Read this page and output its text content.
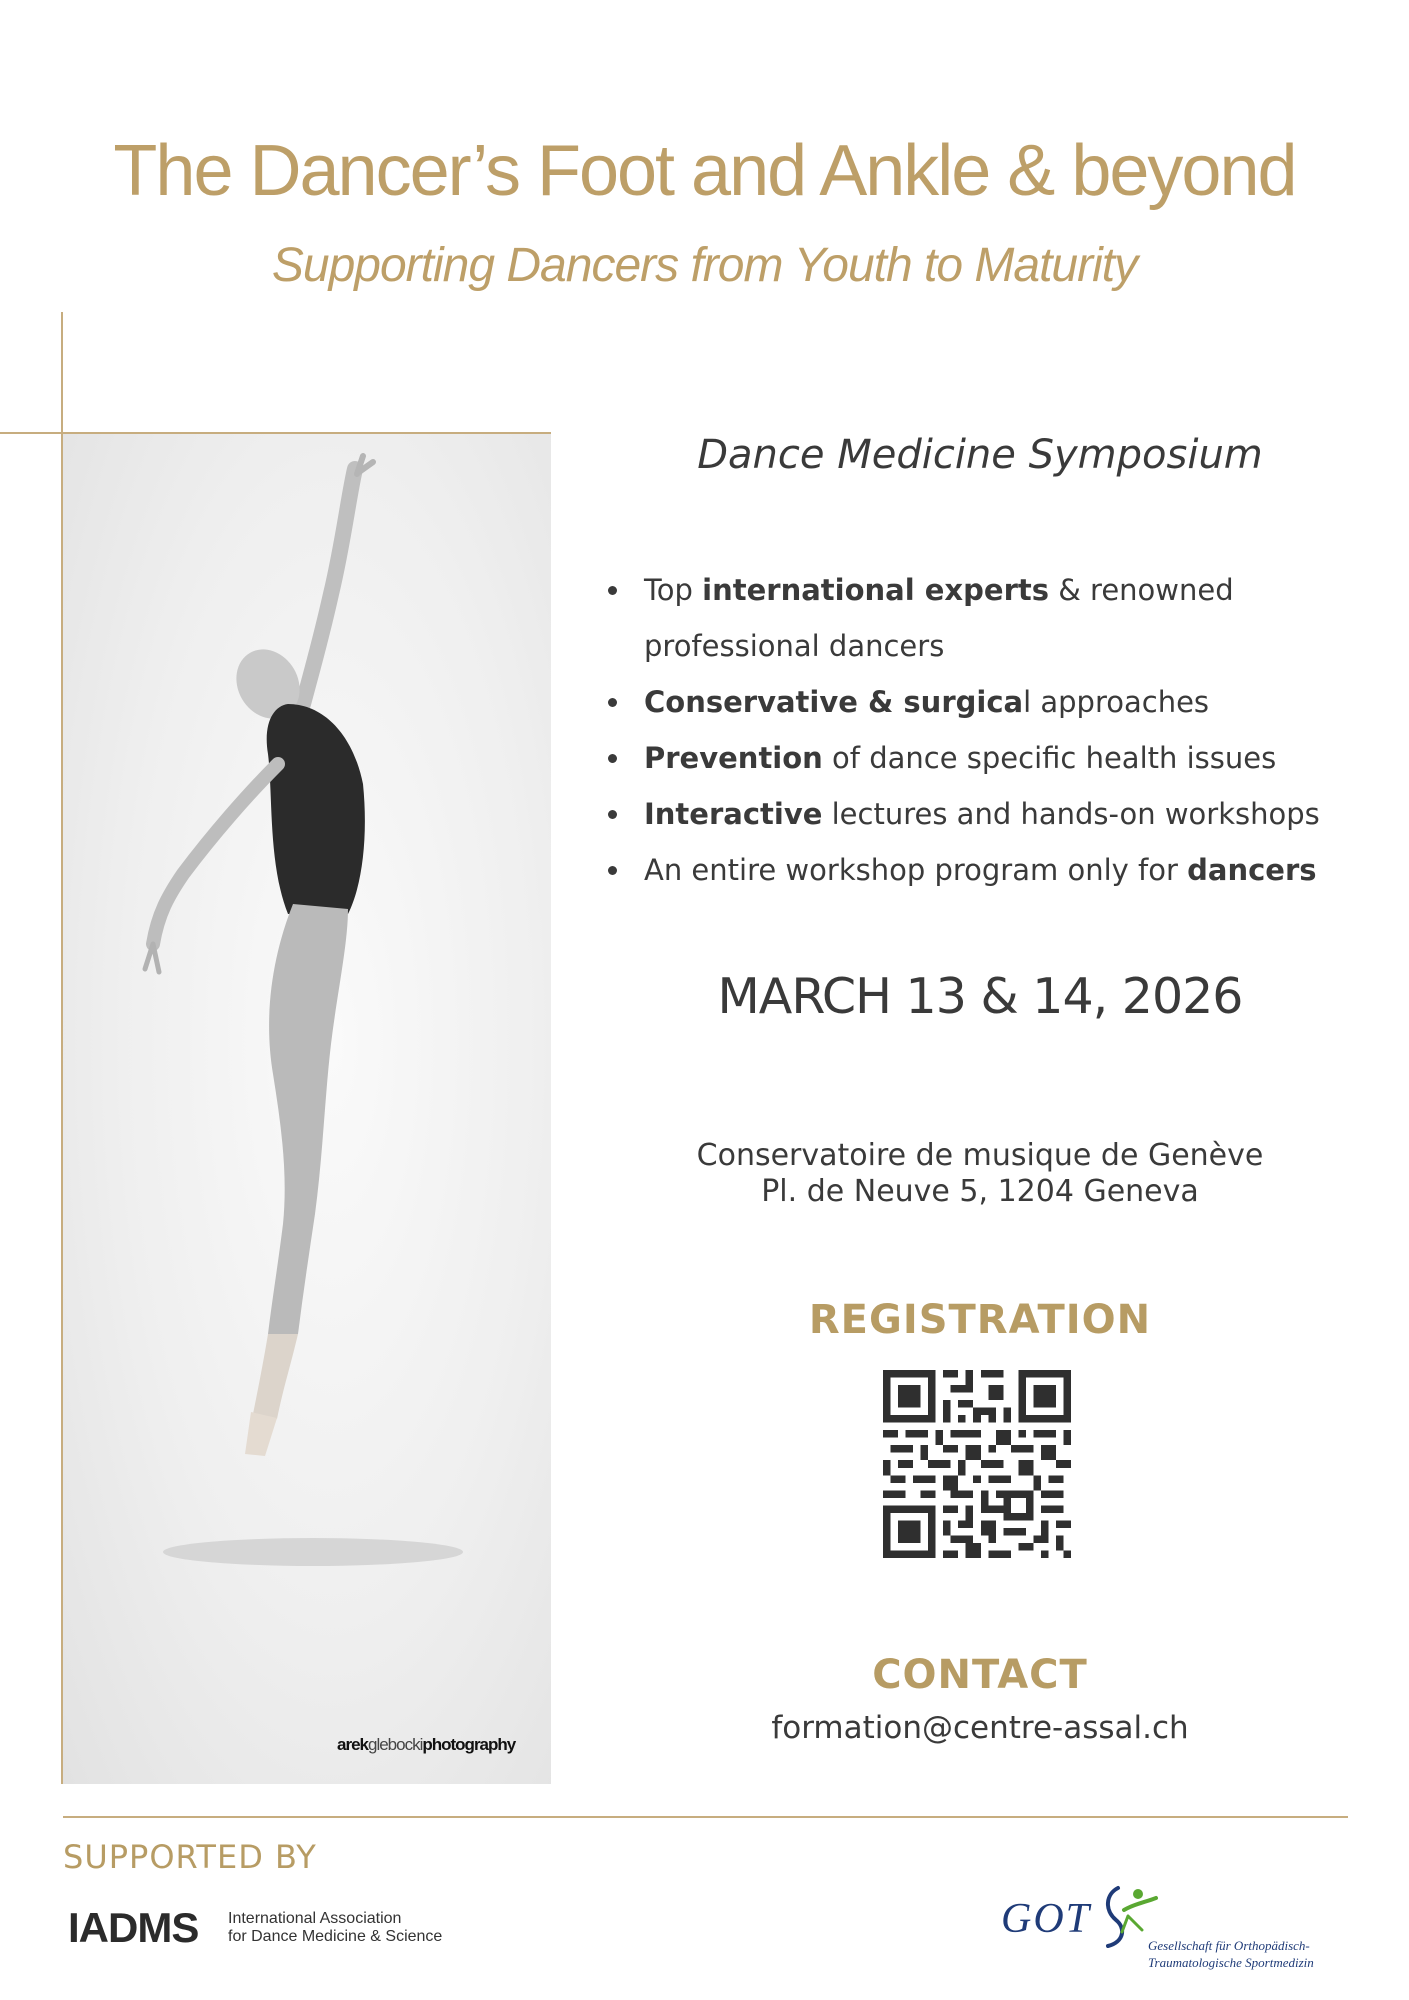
The Dancer’s Foot and Ankle & beyond
Supporting Dancers from Youth to Maturity
arekglebockiphotography
Dance Medicine Symposium
Top international experts & renowned professional dancers
Conservative & surgical approaches
Prevention of dance specific health issues
Interactive lectures and hands-on workshops
An entire workshop program only for dancers
MARCH 13 & 14, 2026
Conservatoire de musique de Genève
Pl. de Neuve 5, 1204 Geneva
REGISTRATION
CONTACT
formation@centre-assal.ch
SUPPORTED BY
IADMS International Association
for Dance Medicine & Science	GOT
Gesellschaft für Orthopädisch-
Traumatologische Sportmedizin
